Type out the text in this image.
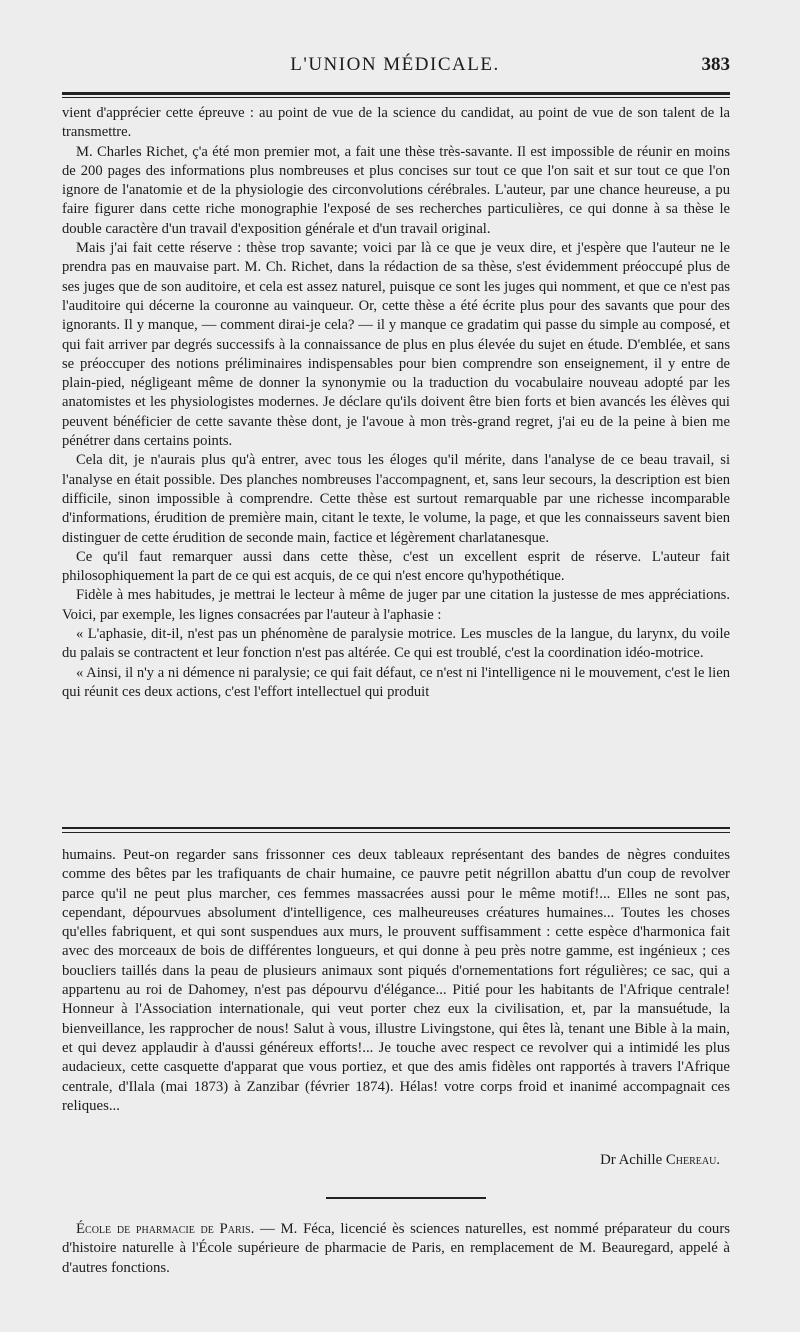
L'UNION MÉDICALE.	383

vient d'apprécier cette épreuve : au point de vue de la science du candidat, au point de vue de son talent de la transmettre.

M. Charles Richet, ç'a été mon premier mot, a fait une thèse très-savante. Il est impossible de réunir en moins de 200 pages des informations plus nombreuses et plus concises sur tout ce que l'on sait et sur tout ce que l'on ignore de l'anatomie et de la physiologie des circonvolutions cérébrales. L'auteur, par une chance heureuse, a pu faire figurer dans cette riche monographie l'exposé de ses recherches particulières, ce qui donne à sa thèse le double caractère d'un travail d'exposition générale et d'un travail original.

Mais j'ai fait cette réserve : thèse trop savante; voici par là ce que je veux dire, et j'espère que l'auteur ne le prendra pas en mauvaise part. M. Ch. Richet, dans la rédaction de sa thèse, s'est évidemment préoccupé plus de ses juges que de son auditoire, et cela est assez naturel, puisque ce sont les juges qui nomment, et que ce n'est pas l'auditoire qui décerne la couronne au vainqueur. Or, cette thèse a été écrite plus pour des savants que pour des ignorants. Il y manque, — comment dirai-je cela? — il y manque ce gradatim qui passe du simple au composé, et qui fait arriver par degrés successifs à la connaissance de plus en plus élevée du sujet en étude. D'emblée, et sans se préoccuper des notions préliminaires indispensables pour bien comprendre son enseignement, il y entre de plain-pied, négligeant même de donner la synonymie ou la traduction du vocabulaire nouveau adopté par les anatomistes et les physiologistes modernes. Je déclare qu'ils doivent être bien forts et bien avancés les élèves qui peuvent bénéficier de cette savante thèse dont, je l'avoue à mon très-grand regret, j'ai eu de la peine à bien me pénétrer dans certains points.

Cela dit, je n'aurais plus qu'à entrer, avec tous les éloges qu'il mérite, dans l'analyse de ce beau travail, si l'analyse en était possible. Des planches nombreuses l'accompagnent, et, sans leur secours, la description est bien difficile, sinon impossible à comprendre. Cette thèse est surtout remarquable par une richesse incomparable d'informations, érudition de première main, citant le texte, le volume, la page, et que les connaisseurs savent bien distinguer de cette érudition de seconde main, factice et légèrement charlatanesque.

Ce qu'il faut remarquer aussi dans cette thèse, c'est un excellent esprit de réserve. L'auteur fait philosophiquement la part de ce qui est acquis, de ce qui n'est encore qu'hypothétique.

Fidèle à mes habitudes, je mettrai le lecteur à même de juger par une citation la justesse de mes appréciations. Voici, par exemple, les lignes consacrées par l'auteur à l'aphasie :

« L'aphasie, dit-il, n'est pas un phénomène de paralysie motrice. Les muscles de la langue, du larynx, du voile du palais se contractent et leur fonction n'est pas altérée. Ce qui est troublé, c'est la coordination idéo-motrice.

« Ainsi, il n'y a ni démence ni paralysie; ce qui fait défaut, ce n'est ni l'intelligence ni le mouvement, c'est le lien qui réunit ces deux actions, c'est l'effort intellectuel qui produit

humains. Peut-on regarder sans frissonner ces deux tableaux représentant des bandes de nègres conduites comme des bêtes par les trafiquants de chair humaine, ce pauvre petit négrillon abattu d'un coup de revolver parce qu'il ne peut plus marcher, ces femmes massacrées aussi pour le même motif!... Elles ne sont pas, cependant, dépourvues absolument d'intelligence, ces malheureuses créatures humaines... Toutes les choses qu'elles fabriquent, et qui sont suspendues aux murs, le prouvent suffisamment : cette espèce d'harmonica fait avec des morceaux de bois de différentes longueurs, et qui donne à peu près notre gamme, est ingénieux ; ces boucliers taillés dans la peau de plusieurs animaux sont piqués d'ornementations fort régulières; ce sac, qui a appartenu au roi de Dahomey, n'est pas dépourvu d'élégance... Pitié pour les habitants de l'Afrique centrale! Honneur à l'Association internationale, qui veut porter chez eux la civilisation, et, par la mansuétude, la bienveillance, les rapprocher de nous! Salut à vous, illustre Livingstone, qui êtes là, tenant une Bible à la main, et qui devez applaudir à d'aussi généreux efforts!... Je touche avec respect ce revolver qui a intimidé les plus audacieux, cette casquette d'apparat que vous portiez, et que des amis fidèles ont rapportés à travers l'Afrique centrale, d'Ilala (mai 1873) à Zanzibar (février 1874). Hélas! votre corps froid et inanimé accompagnait ces reliques...

Dr Achille Chereau.

École de pharmacie de Paris. — M. Féca, licencié ès sciences naturelles, est nommé préparateur du cours d'histoire naturelle à l'École supérieure de pharmacie de Paris, en remplacement de M. Beauregard, appelé à d'autres fonctions.
